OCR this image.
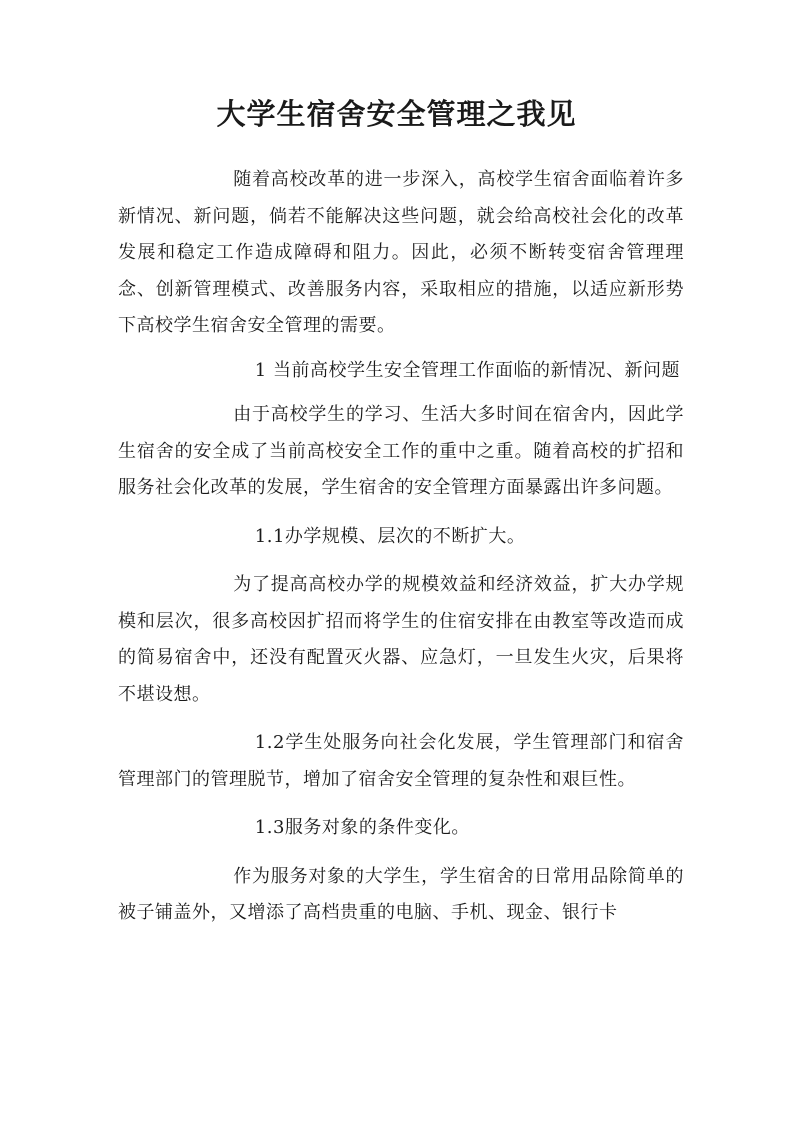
大学生宿舍安全管理之我见

随着高校改革的进一步深入，高校学生宿舍面临着许多新情况、新问题，倘若不能解决这些问题，就会给高校社会化的改革发展和稳定工作造成障碍和阻力。因此，必须不断转变宿舍管理理念、创新管理模式、改善服务内容，采取相应的措施，以适应新形势下高校学生宿舍安全管理的需要。

1 当前高校学生安全管理工作面临的新情况、新问题

由于高校学生的学习、生活大多时间在宿舍内，因此学生宿舍的安全成了当前高校安全工作的重中之重。随着高校的扩招和服务社会化改革的发展，学生宿舍的安全管理方面暴露出许多问题。

1.1办学规模、层次的不断扩大。

为了提高高校办学的规模效益和经济效益，扩大办学规模和层次，很多高校因扩招而将学生的住宿安排在由教室等改造而成的简易宿舍中，还没有配置灭火器、应急灯，一旦发生火灾，后果将不堪设想。

1.2学生处服务向社会化发展，学生管理部门和宿舍管理部门的管理脱节，增加了宿舍安全管理的复杂性和艰巨性。

1.3服务对象的条件变化。

作为服务对象的大学生，学生宿舍的日常用品除简单的被子铺盖外，又增添了高档贵重的电脑、手机、现金、银行卡
